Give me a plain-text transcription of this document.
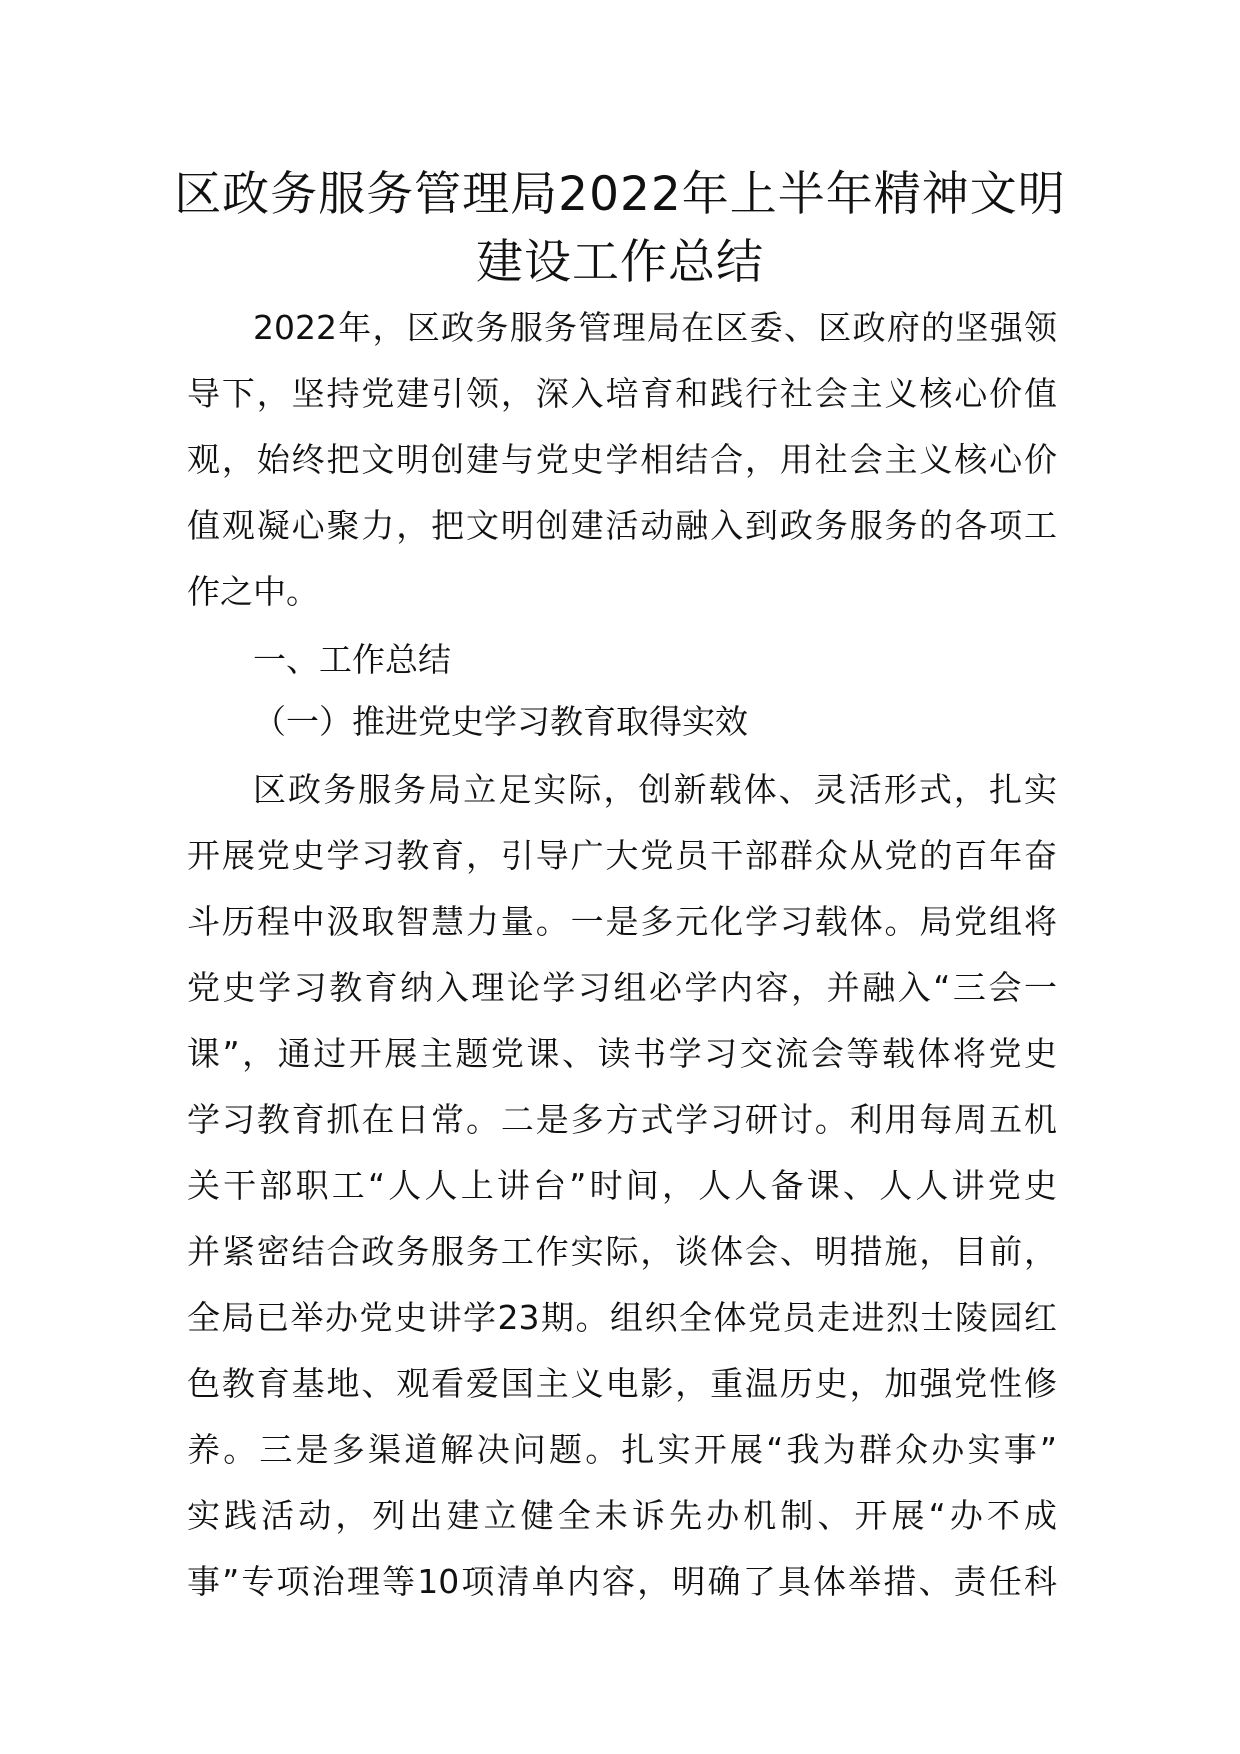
区政务服务管理局2022年上半年精神文明
建设工作总结
2022年，区政务服务管理局在区委、区政府的坚强领
导下，坚持党建引领，深入培育和践行社会主义核心价值
观，始终把文明创建与党史学相结合，用社会主义核心价
值观凝心聚力，把文明创建活动融入到政务服务的各项工
作之中。
一、工作总结
（一）推进党史学习教育取得实效
区政务服务局立足实际，创新载体、灵活形式，扎实
开展党史学习教育，引导广大党员干部群众从党的百年奋
斗历程中汲取智慧力量。一是多元化学习载体。局党组将
党史学习教育纳入理论学习组必学内容，并融入“三会一
课”，通过开展主题党课、读书学习交流会等载体将党史
学习教育抓在日常。二是多方式学习研讨。利用每周五机
关干部职工“人人上讲台”时间，人人备课、人人讲党史
并紧密结合政务服务工作实际，谈体会、明措施，目前，
全局已举办党史讲学23期。组织全体党员走进烈士陵园红
色教育基地、观看爱国主义电影，重温历史，加强党性修
养。三是多渠道解决问题。扎实开展“我为群众办实事”
实践活动，列出建立健全未诉先办机制、开展“办不成
事”专项治理等10项清单内容，明确了具体举措、责任科
